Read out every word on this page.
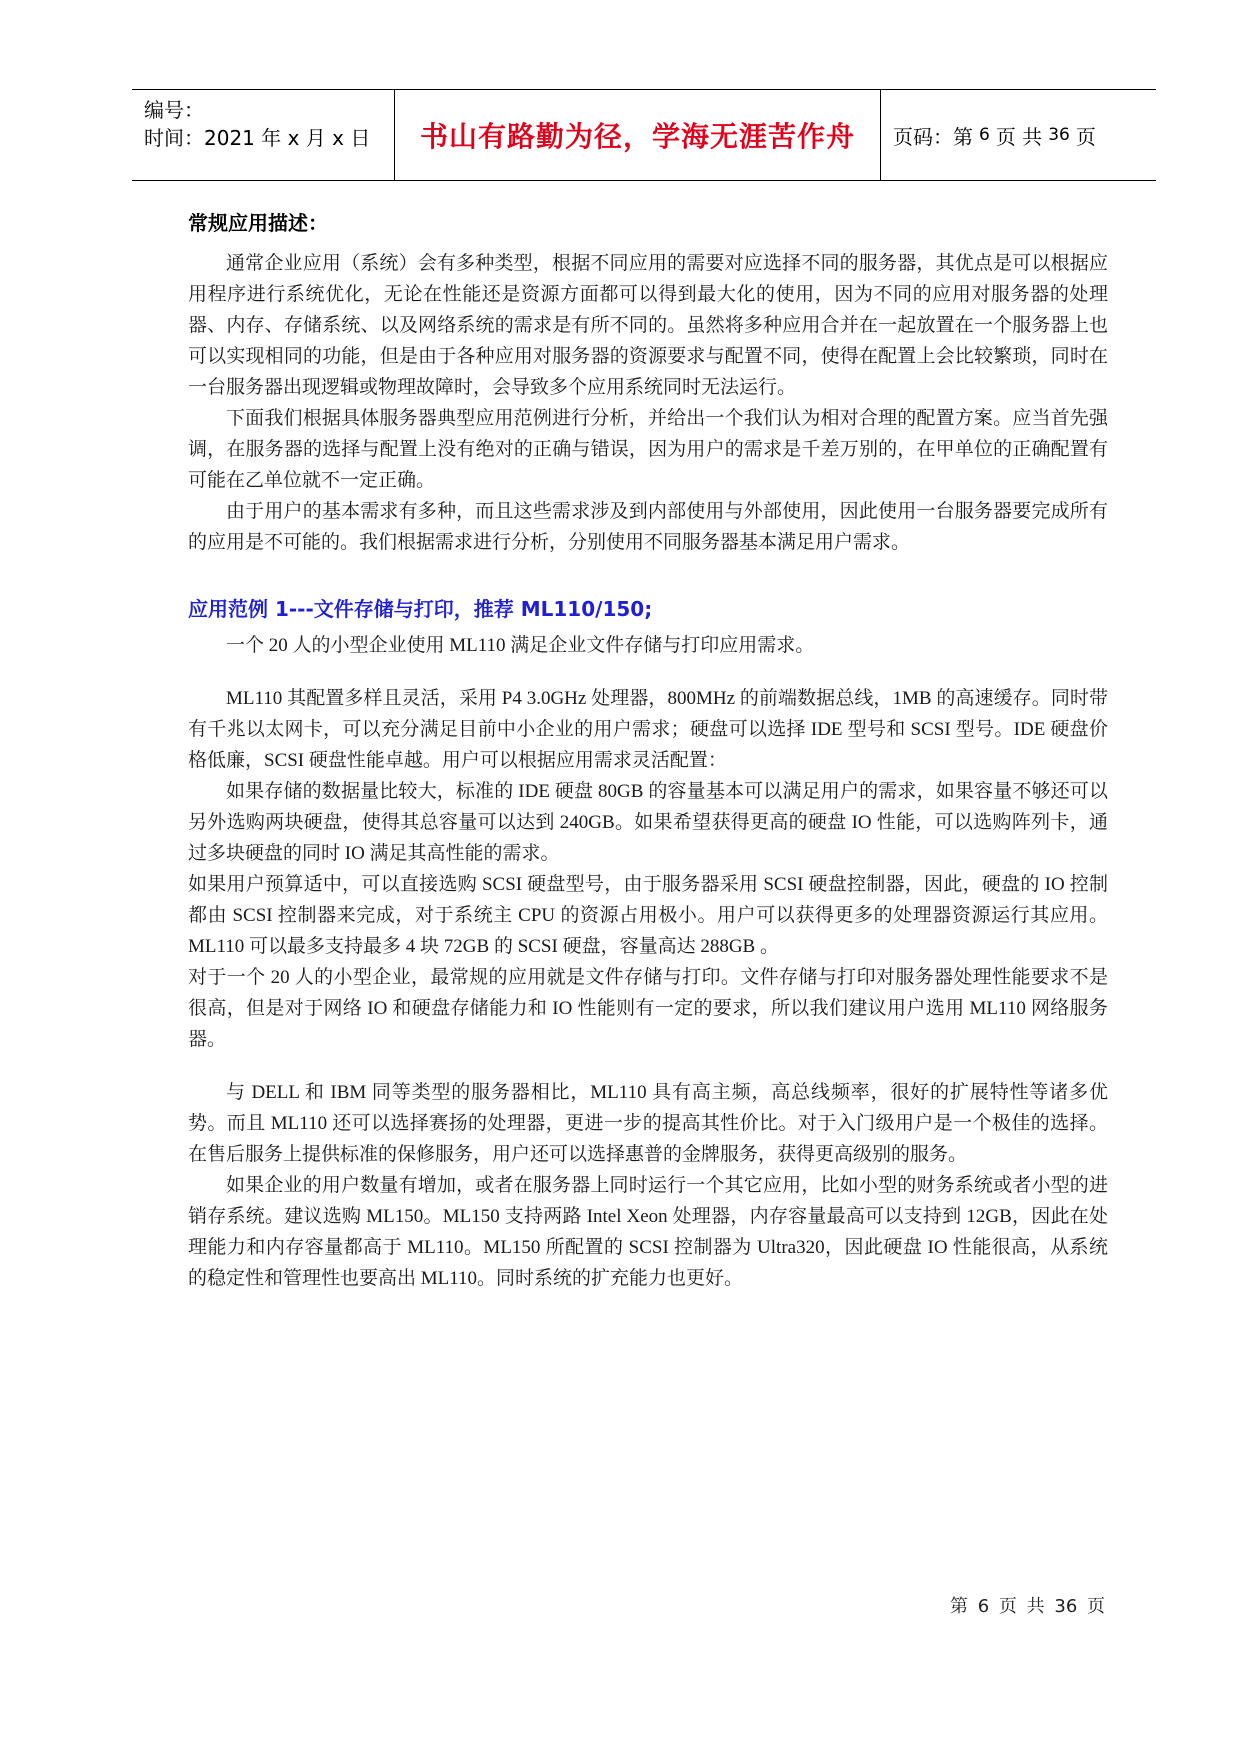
编号：
时间：2021 年 x 月 x 日	书山有路勤为径，学海无涯苦作舟	页码：第 6 页 共 36 页
常规应用描述：

通常企业应用（系统）会有多种类型，根据不同应用的需要对应选择不同的服务器，其优点是可以根据应用程序进行系统优化，无论在性能还是资源方面都可以得到最大化的使用，因为不同的应用对服务器的处理器、内存、存储系统、以及网络系统的需求是有所不同的。虽然将多种应用合并在一起放置在一个服务器上也可以实现相同的功能，但是由于各种应用对服务器的资源要求与配置不同，使得在配置上会比较繁琐，同时在一台服务器出现逻辑或物理故障时，会导致多个应用系统同时无法运行。

下面我们根据具体服务器典型应用范例进行分析，并给出一个我们认为相对合理的配置方案。应当首先强调，在服务器的选择与配置上没有绝对的正确与错误，因为用户的需求是千差万别的，在甲单位的正确配置有可能在乙单位就不一定正确。

由于用户的基本需求有多种，而且这些需求涉及到内部使用与外部使用，因此使用一台服务器要完成所有的应用是不可能的。我们根据需求进行分析，分别使用不同服务器基本满足用户需求。

应用范例 1---文件存储与打印，推荐 ML110/150;

一个 20 人的小型企业使用 ML110 满足企业文件存储与打印应用需求。

ML110 其配置多样且灵活，采用 P4 3.0GHz 处理器，800MHz 的前端数据总线，1MB 的高速缓存。同时带有千兆以太网卡，可以充分满足目前中小企业的用户需求；硬盘可以选择 IDE 型号和 SCSI 型号。IDE 硬盘价格低廉，SCSI 硬盘性能卓越。用户可以根据应用需求灵活配置：

如果存储的数据量比较大，标准的 IDE 硬盘 80GB 的容量基本可以满足用户的需求，如果容量不够还可以另外选购两块硬盘，使得其总容量可以达到 240GB。如果希望获得更高的硬盘 IO 性能，可以选购阵列卡，通过多块硬盘的同时 IO 满足其高性能的需求。

如果用户预算适中，可以直接选购 SCSI 硬盘型号，由于服务器采用 SCSI 硬盘控制器，因此，硬盘的 IO 控制都由 SCSI 控制器来完成，对于系统主 CPU 的资源占用极小。用户可以获得更多的处理器资源运行其应用。ML110 可以最多支持最多 4 块 72GB 的 SCSI 硬盘，容量高达 288GB 。

对于一个 20 人的小型企业，最常规的应用就是文件存储与打印。文件存储与打印对服务器处理性能要求不是很高，但是对于网络 IO 和硬盘存储能力和 IO 性能则有一定的要求，所以我们建议用户选用 ML110 网络服务器。

与 DELL 和 IBM 同等类型的服务器相比，ML110 具有高主频，高总线频率，很好的扩展特性等诸多优势。而且 ML110 还可以选择赛扬的处理器，更进一步的提高其性价比。对于入门级用户是一个极佳的选择。在售后服务上提供标准的保修服务，用户还可以选择惠普的金牌服务，获得更高级别的服务。

如果企业的用户数量有增加，或者在服务器上同时运行一个其它应用，比如小型的财务系统或者小型的进销存系统。建议选购 ML150。ML150 支持两路 Intel Xeon 处理器，内存容量最高可以支持到 12GB，因此在处理能力和内存容量都高于 ML110。ML150 所配置的 SCSI 控制器为 Ultra320，因此硬盘 IO 性能很高，从系统的稳定性和管理性也要高出 ML110。同时系统的扩充能力也更好。

第 6 页 共 36 页
